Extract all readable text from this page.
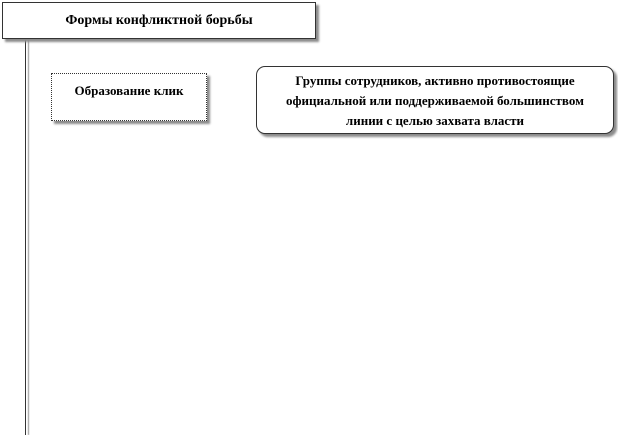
Формы конфликтной борьбы
Образование клик
Группы сотрудников, активно противостоящие официальной или поддерживаемой большинством линии с целью захвата власти
